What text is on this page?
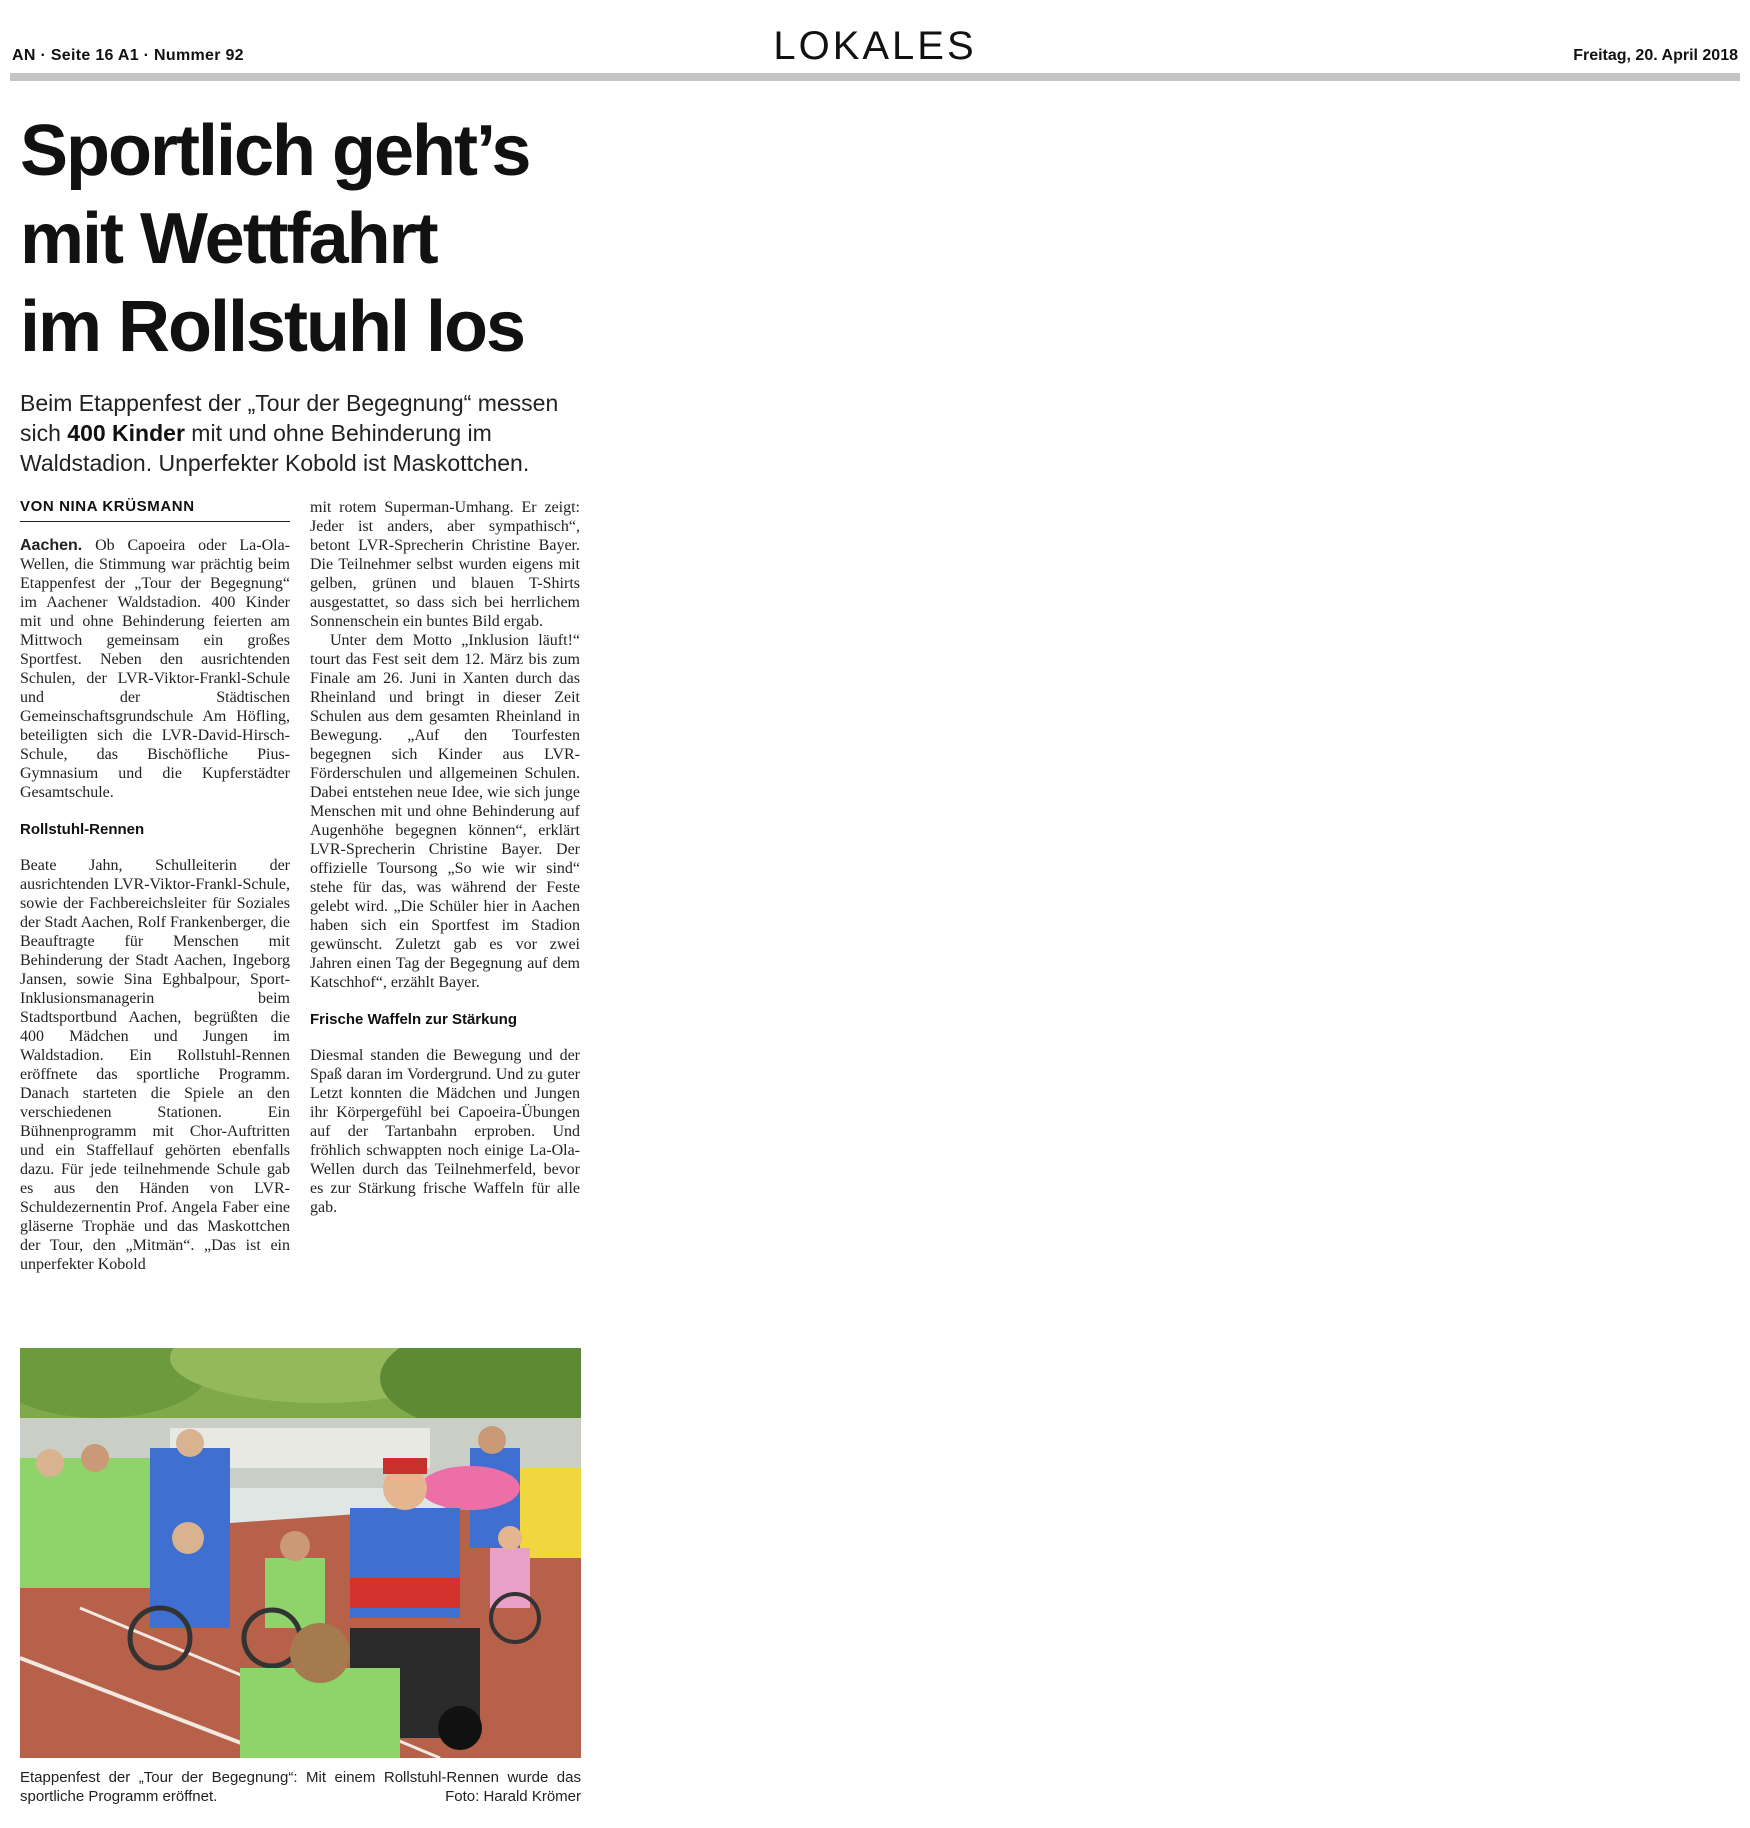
AN · Seite 16 A1 · Nummer 92	LOKALES	Freitag, 20. April 2018
Sportlich geht’s
mit Wettfahrt
im Rollstuhl los
Beim Etappenfest der „Tour der Begegnung“ messen sich 400 Kinder mit und ohne Behinderung im Waldstadion. Unperfekter Kobold ist Maskottchen.
VON NINA KRÜSMANN

Aachen. Ob Capoeira oder La-Ola-Wellen, die Stimmung war prächtig beim Etappenfest der „Tour der Begegnung“ im Aachener Waldstadion. 400 Kinder mit und ohne Behinderung feierten am Mittwoch gemeinsam ein großes Sportfest. Neben den ausrichtenden Schulen, der LVR-Viktor-Frankl-Schule und der Städtischen Gemeinschaftsgrundschule Am Höfling, beteiligten sich die LVR-David-Hirsch-Schule, das Bischöfliche Pius-Gymnasium und die Kupferstädter Gesamtschule.

Rollstuhl-Rennen

Beate Jahn, Schulleiterin der ausrichtenden LVR-Viktor-Frankl-Schule, sowie der Fachbereichsleiter für Soziales der Stadt Aachen, Rolf Frankenberger, die Beauftragte für Menschen mit Behinderung der Stadt Aachen, Ingeborg Jansen, sowie Sina Eghbalpour, Sport-Inklusionsmanagerin beim Stadtsportbund Aachen, begrüßten die 400 Mädchen und Jungen im Waldstadion. Ein Rollstuhl-Rennen eröffnete das sportliche Programm. Danach starteten die Spiele an den verschiedenen Stationen. Ein Bühnenprogramm mit Chor-Auftritten und ein Staffellauf gehörten ebenfalls dazu. Für jede teilnehmende Schule gab es aus den Händen von LVR-Schuldezernentin Prof. Angela Faber eine gläserne Trophäe und das Maskottchen der Tour, den „Mitmän“. „Das ist ein unperfekter Kobold

mit rotem Superman-Umhang. Er zeigt: Jeder ist anders, aber sympathisch“, betont LVR-Sprecherin Christine Bayer. Die Teilnehmer selbst wurden eigens mit gelben, grünen und blauen T-Shirts ausgestattet, so dass sich bei herrlichem Sonnenschein ein buntes Bild ergab.

Unter dem Motto „Inklusion läuft!“ tourt das Fest seit dem 12. März bis zum Finale am 26. Juni in Xanten durch das Rheinland und bringt in dieser Zeit Schulen aus dem gesamten Rheinland in Bewegung. „Auf den Tourfesten begegnen sich Kinder aus LVR-Förderschulen und allgemeinen Schulen. Dabei entstehen neue Idee, wie sich junge Menschen mit und ohne Behinderung auf Augenhöhe begegnen können“, erklärt LVR-Sprecherin Christine Bayer. Der offizielle Toursong „So wie wir sind“ stehe für das, was während der Feste gelebt wird. „Die Schüler hier in Aachen haben sich ein Sportfest im Stadion gewünscht. Zuletzt gab es vor zwei Jahren einen Tag der Begegnung auf dem Katschhof“, erzählt Bayer.

Frische Waffeln zur Stärkung

Diesmal standen die Bewegung und der Spaß daran im Vordergrund. Und zu guter Letzt konnten die Mädchen und Jungen ihr Körpergefühl bei Capoeira-Übungen auf der Tartanbahn erproben. Und fröhlich schwappten noch einige La-Ola-Wellen durch das Teilnehmerfeld, bevor es zur Stärkung frische Waffeln für alle gab.

Etappenfest der „Tour der Begegnung“: Mit einem Rollstuhl-Rennen wurde das sportliche Programm eröffnet.	Foto: Harald Krömer
